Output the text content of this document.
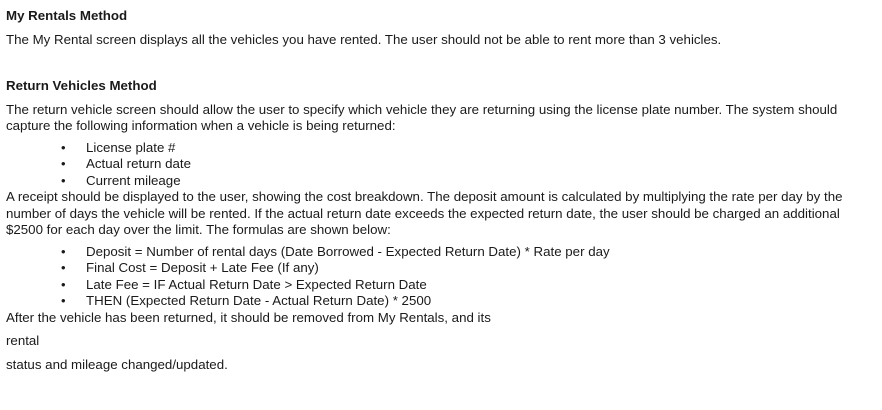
My Rentals Method
The My Rental screen displays all the vehicles you have rented. The user should not be able to rent more than 3 vehicles.
Return Vehicles Method
The return vehicle screen should allow the user to specify which vehicle they are returning using the license plate number. The system should capture the following information when a vehicle is being returned:
• License plate #
• Actual return date
• Current mileage
A receipt should be displayed to the user, showing the cost breakdown. The deposit amount is calculated by multiplying the rate per day by the number of days the vehicle will be rented. If the actual return date exceeds the expected return date, the user should be charged an additional $2500 for each day over the limit. The formulas are shown below:
• Deposit = Number of rental days (Date Borrowed - Expected Return Date) * Rate per day
• Final Cost = Deposit + Late Fee (If any)
• Late Fee = IF Actual Return Date > Expected Return Date
• THEN (Expected Return Date - Actual Return Date) * 2500
After the vehicle has been returned, it should be removed from My Rentals, and its
rental
status and mileage changed/updated.
